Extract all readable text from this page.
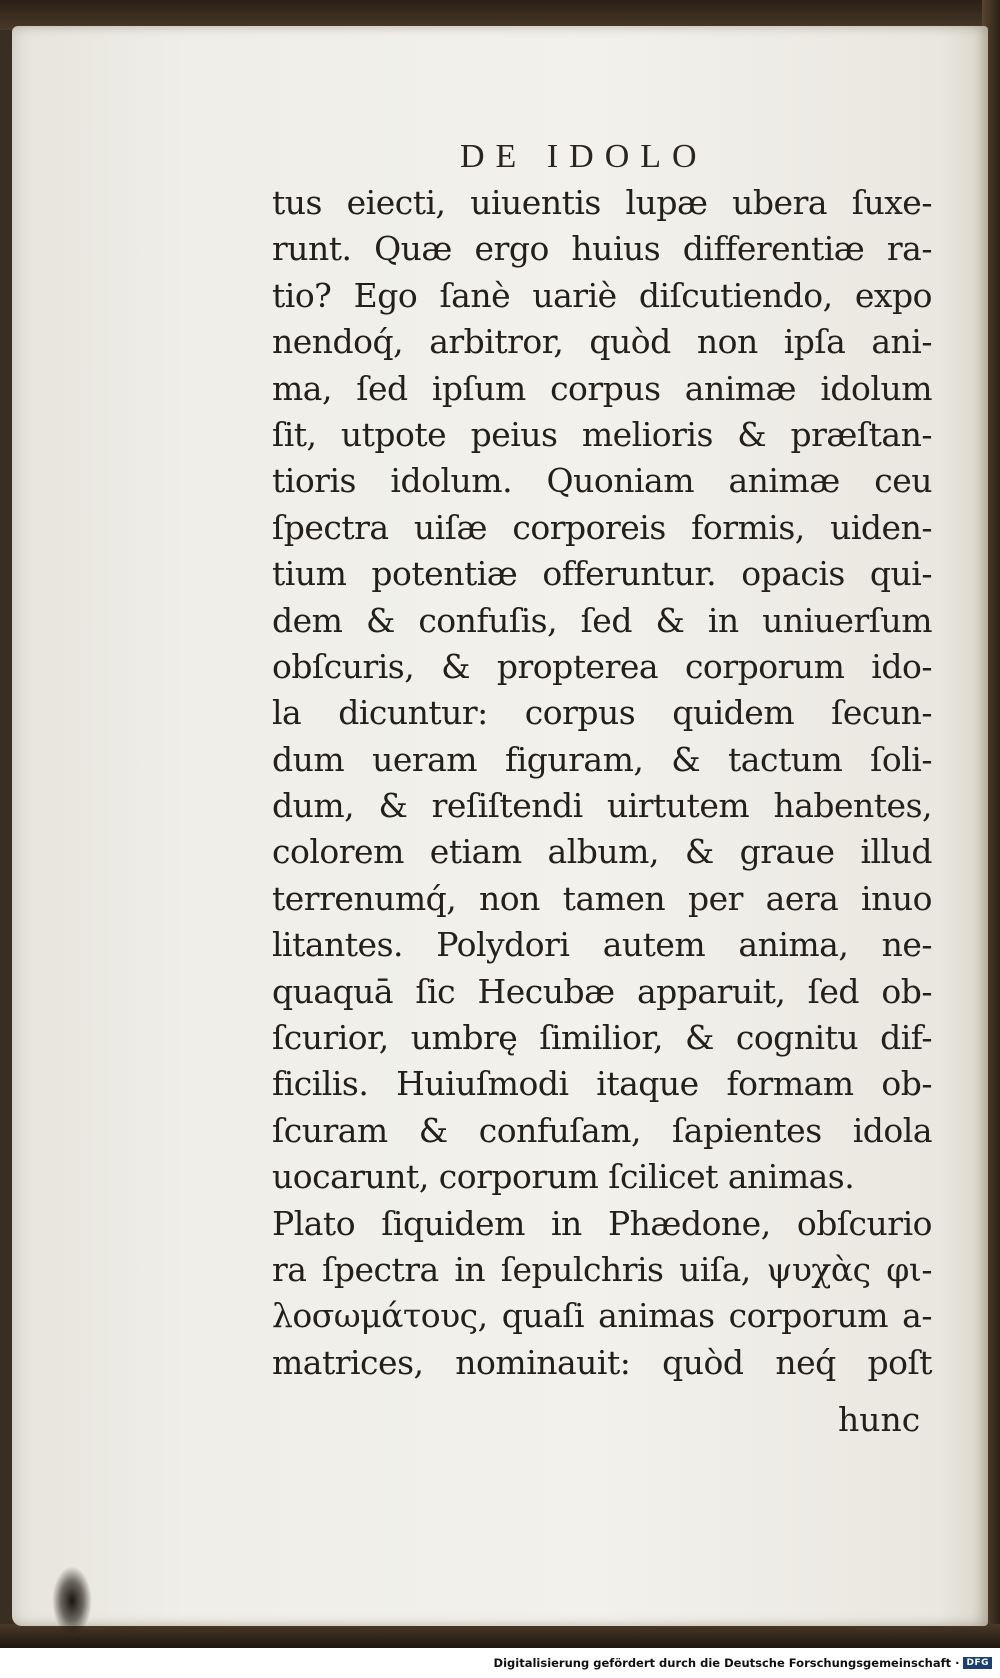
DE IDOLO
tus eiecti, uiuentis lupæ ubera ſuxe-
runt. Quæ ergo huius differentiæ ra-
tio? Ego ſanè uariè diſcutiendo, expo
nendoq́, arbitror, quòd non ipſa ani-
ma, ſed ipſum corpus animæ idolum
ſit, utpote peius melioris & præſtan-
tioris idolum. Quoniam animæ ceu
ſpectra uiſæ corporeis formis, uiden-
tium potentiæ offeruntur. opacis qui-
dem & confuſis, ſed & in uniuerſum
obſcuris, & propterea corporum ido-
la dicuntur: corpus quidem ſecun-
dum ueram figuram, & tactum ſoli-
dum, & reſiſtendi uirtutem habentes,
colorem etiam album, & graue illud
terrenumq́, non tamen per aera inuo
litantes. Polydori autem anima, ne-
quaquā ſic Hecubæ apparuit, ſed ob-
ſcurior, umbrę ſimilior, & cognitu dif-
ficilis. Huiuſmodi itaque formam ob-
ſcuram & confuſam, ſapientes idola
uocarunt, corporum ſcilicet animas.
Plato ſiquidem in Phædone, obſcurio
ra ſpectra in ſepulchris uiſa, ψυχὰς φι-
λοσωμάτους, quaſi animas corporum a-
matrices, nominauit: quòd neq́ poſt
hunc
Digitalisierung gefördert durch die Deutsche Forschungsgemeinschaft · DFG
